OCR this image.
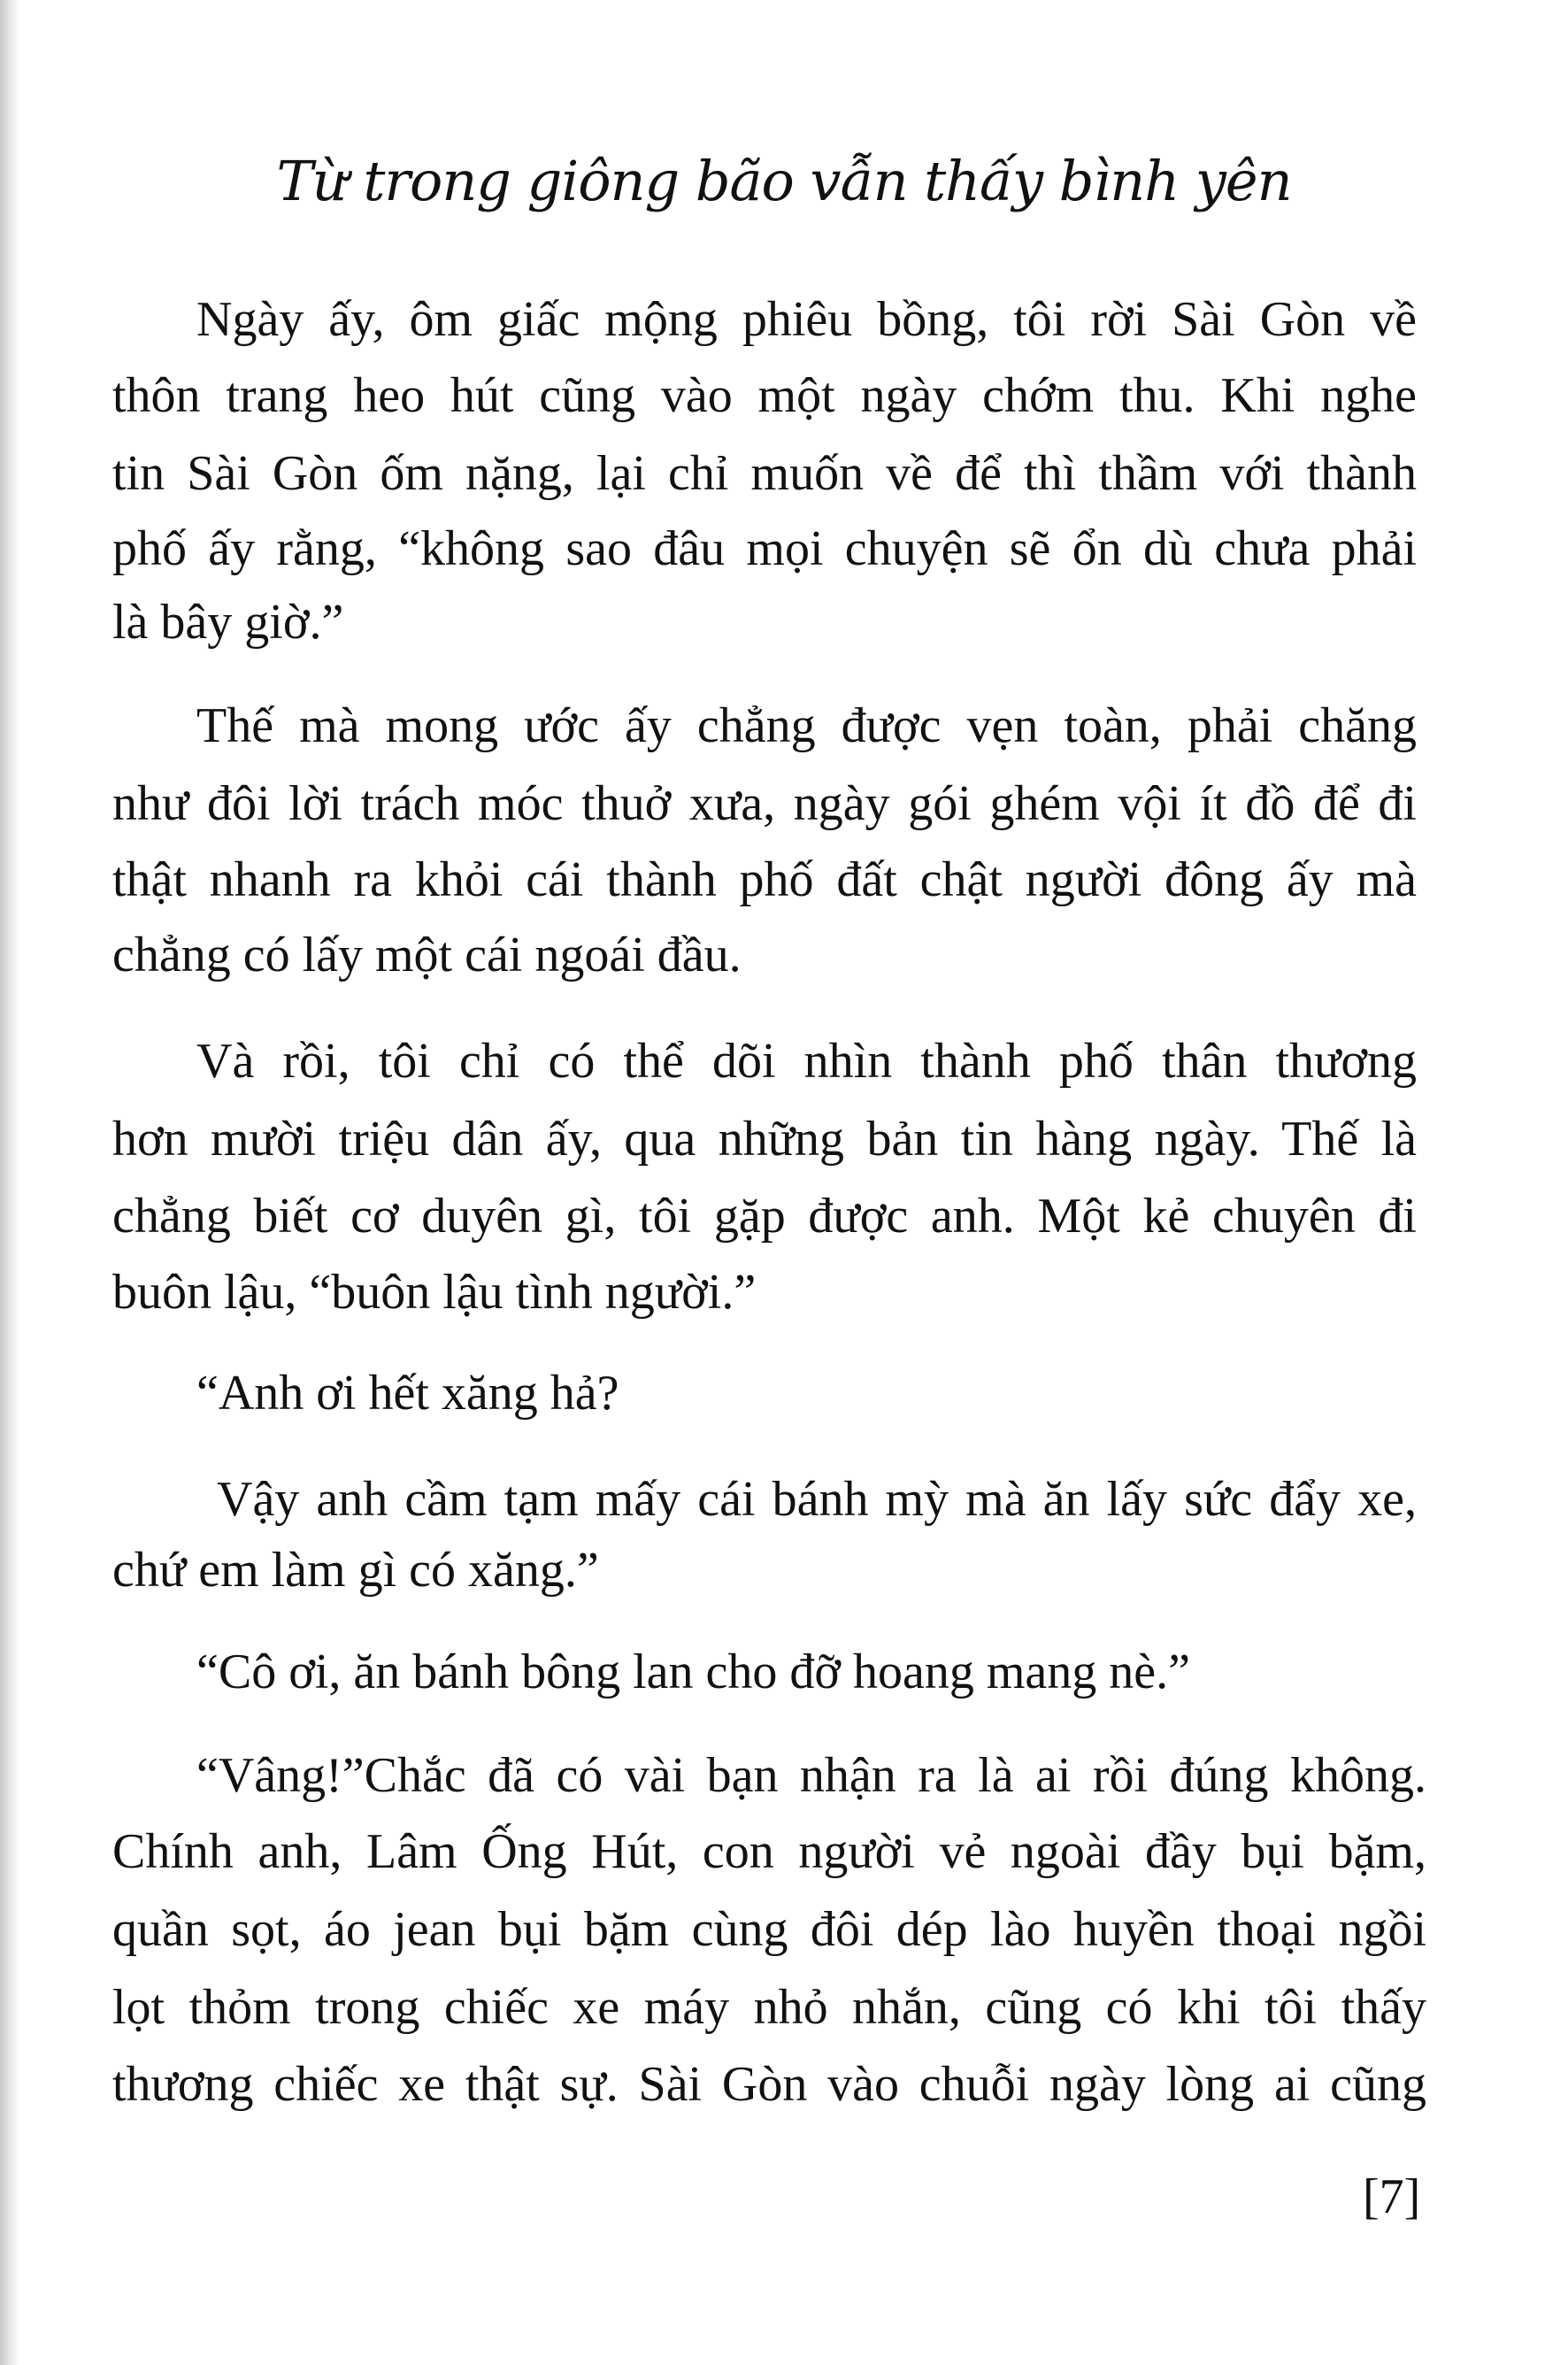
Từ trong giông bão vẫn thấy bình yên
Ngày ấy, ôm giấc mộng phiêu bồng, tôi rời Sài Gòn về
thôn trang heo hút cũng vào một ngày chớm thu. Khi nghe
tin Sài Gòn ốm nặng, lại chỉ muốn về để thì thầm với thành
phố ấy rằng, “không sao đâu mọi chuyện sẽ ổn dù chưa phải
là bây giờ.”
Thế mà mong ước ấy chẳng được vẹn toàn, phải chăng
như đôi lời trách móc thuở xưa, ngày gói ghém vội ít đồ để đi
thật nhanh ra khỏi cái thành phố đất chật người đông ấy mà
chẳng có lấy một cái ngoái đầu.
Và rồi, tôi chỉ có thể dõi nhìn thành phố thân thương
hơn mười triệu dân ấy, qua những bản tin hàng ngày. Thế là
chẳng biết cơ duyên gì, tôi gặp được anh. Một kẻ chuyên đi
buôn lậu, “buôn lậu tình người.”
“Anh ơi hết xăng hả?
Vậy anh cầm tạm mấy cái bánh mỳ mà ăn lấy sức đẩy xe,
chứ em làm gì có xăng.”
“Cô ơi, ăn bánh bông lan cho đỡ hoang mang nè.”
“Vâng!”Chắc đã có vài bạn nhận ra là ai rồi đúng không.
Chính anh, Lâm Ống Hút, con người vẻ ngoài đầy bụi bặm,
quần sọt, áo jean bụi bặm cùng đôi dép lào huyền thoại ngồi
lọt thỏm trong chiếc xe máy nhỏ nhắn, cũng có khi tôi thấy
thương chiếc xe thật sự. Sài Gòn vào chuỗi ngày lòng ai cũng
[7]
